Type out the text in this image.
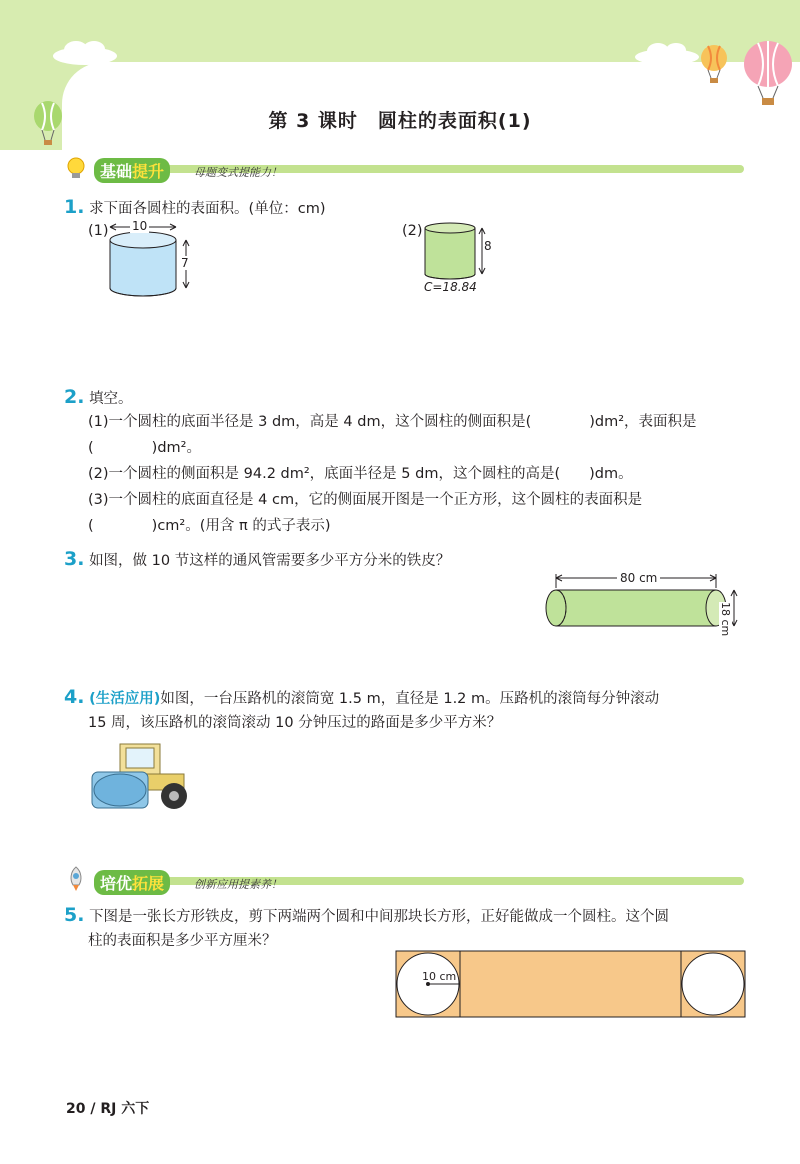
第 3 课时　圆柱的表面积(1)
基础提升	母题变式提能力！
1. 求下面各圆柱的表面积。(单位：cm)
(1) 10
7
(2)
8
C=18.84
2. 填空。
(1)一个圆柱的底面半径是 3 dm，高是 4 dm，这个圆柱的侧面积是(　　　　)dm²，表面积是
(　　　　)dm²。
(2)一个圆柱的侧面积是 94.2 dm²，底面半径是 5 dm，这个圆柱的高是(　　)dm。
(3)一个圆柱的底面直径是 4 cm，它的侧面展开图是一个正方形，这个圆柱的表面积是
(　　　　)cm²。(用含 π 的式子表示)
3. 如图，做 10 节这样的通风管需要多少平方分米的铁皮？
80 cm
18 cm
4. (生活应用)如图，一台压路机的滚筒宽 1.5 m，直径是 1.2 m。压路机的滚筒每分钟滚动
15 周，该压路机的滚筒滚动 10 分钟压过的路面是多少平方米？
培优拓展	创新应用提素养！
5. 下图是一张长方形铁皮，剪下两端两个圆和中间那块长方形，正好能做成一个圆柱。这个圆
柱的表面积是多少平方厘米？
10 cm
20 / RJ 六下
